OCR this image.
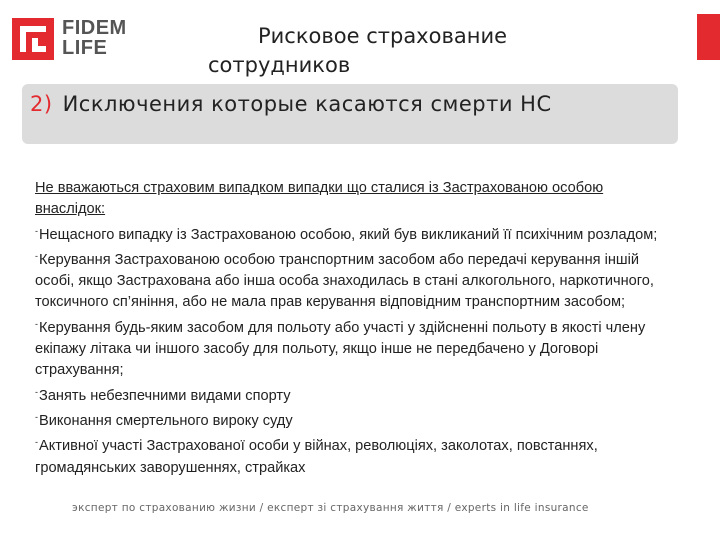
FIDEM
LIFE	Рисковое страхование сотрудников
2) Исключения которые касаются смерти НС
Не вважаються страховим випадком випадки що сталися із Застрахованою особою внаслідок:
-Нещасного випадку із Застрахованою особою, який був викликаний її психічним розладом;
-Керування Застрахованою особою транспортним засобом або передачі керування іншій особі, якщо Застрахована або інша особа знаходилась в стані алкогольного, наркотичного, токсичного сп’яніння, або не мала прав керування відповідним транспортним засобом;
-Керування будь-яким засобом для польоту або участі у здійсненні польоту в якості члену екіпажу літака чи іншого засобу для польоту, якщо інше не передбачено у Договорі страхування;
-Занять небезпечними видами спорту
-Виконання смертельного вироку суду
-Активної участі Застрахованої особи у війнах, революціях, заколотах, повстаннях, громадянських заворушеннях, страйках
эксперт по страхованию жизни / експерт зі страхування життя / experts in life insurance
